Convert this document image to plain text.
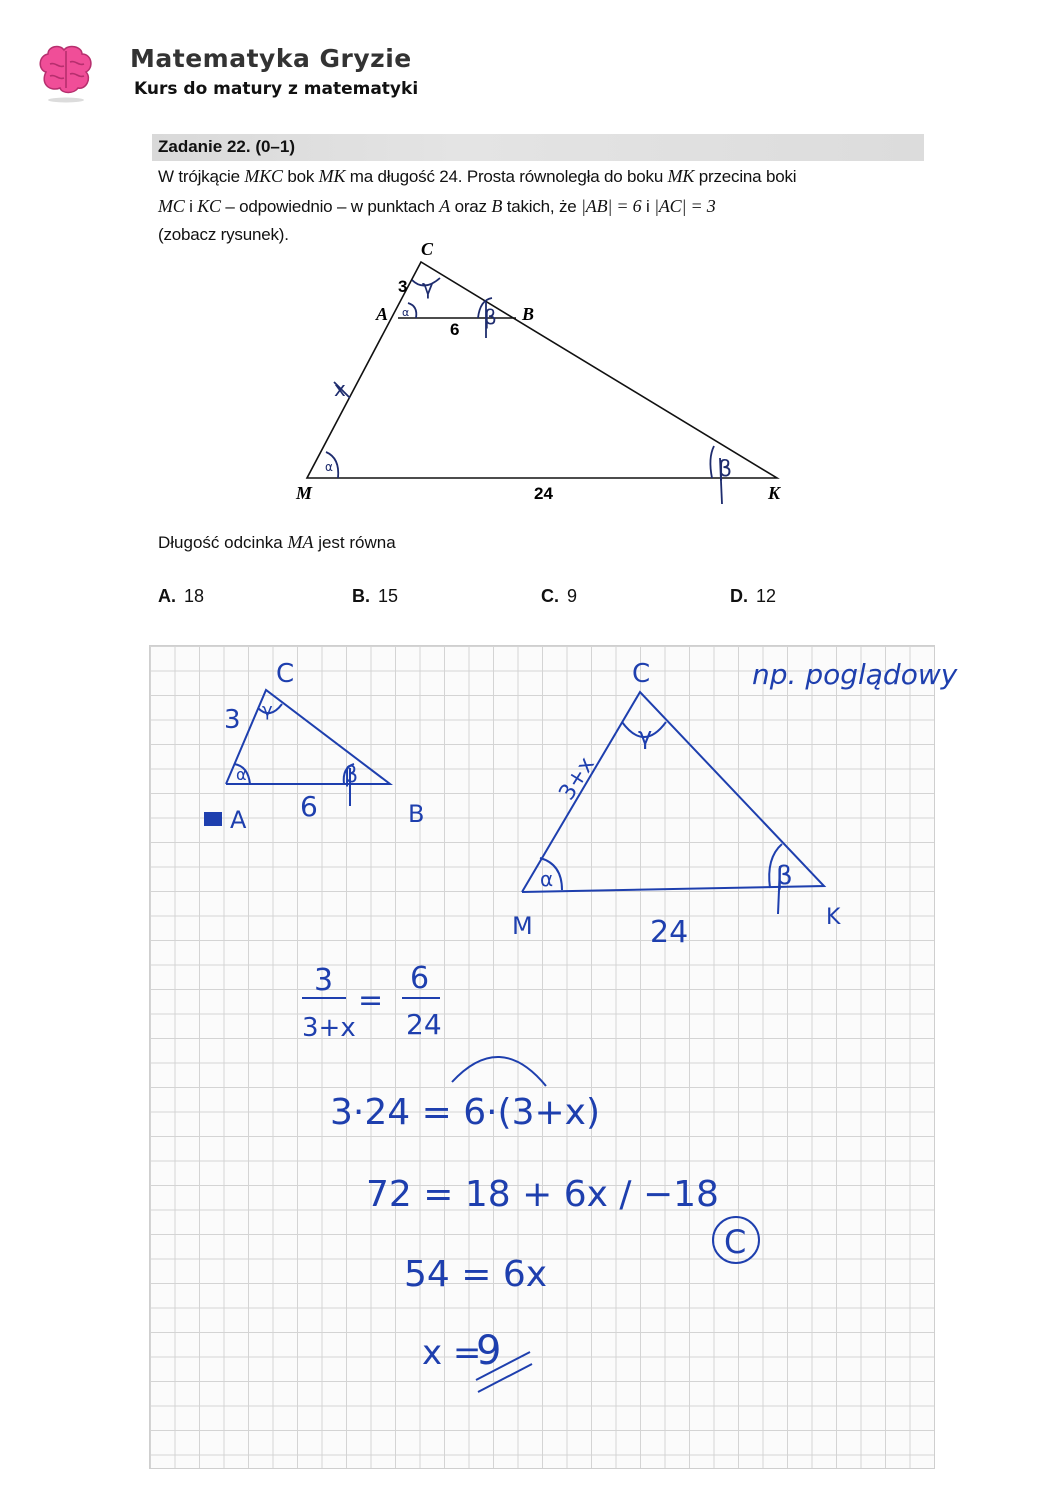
Matematyka Gryzie
Kurs do matury z matematyki
Zadanie 22. (0–1)
W trójkącie MKC bok MK ma długość 24. Prosta równoległa do boku MK przecina boki
MC i KC – odpowiednio – w punktach A oraz B takich, że |AB| = 6 i |AC| = 3
(zobacz rysunek).
C
A	B
M	K
3
6
24
x
γ
α	β
α	β
Długość odcinka MA jest równa
A. 18	B. 15	C. 9	D. 12
np. poglądowy
C
3
A	B
6
γ
α	β
C
3+x
M	K
24
γ
α	β
3
3+x
=
6
24
3·24 = 6·(3+x)
72 = 18 + 6x / −18
54 = 6x
x =
9
C
